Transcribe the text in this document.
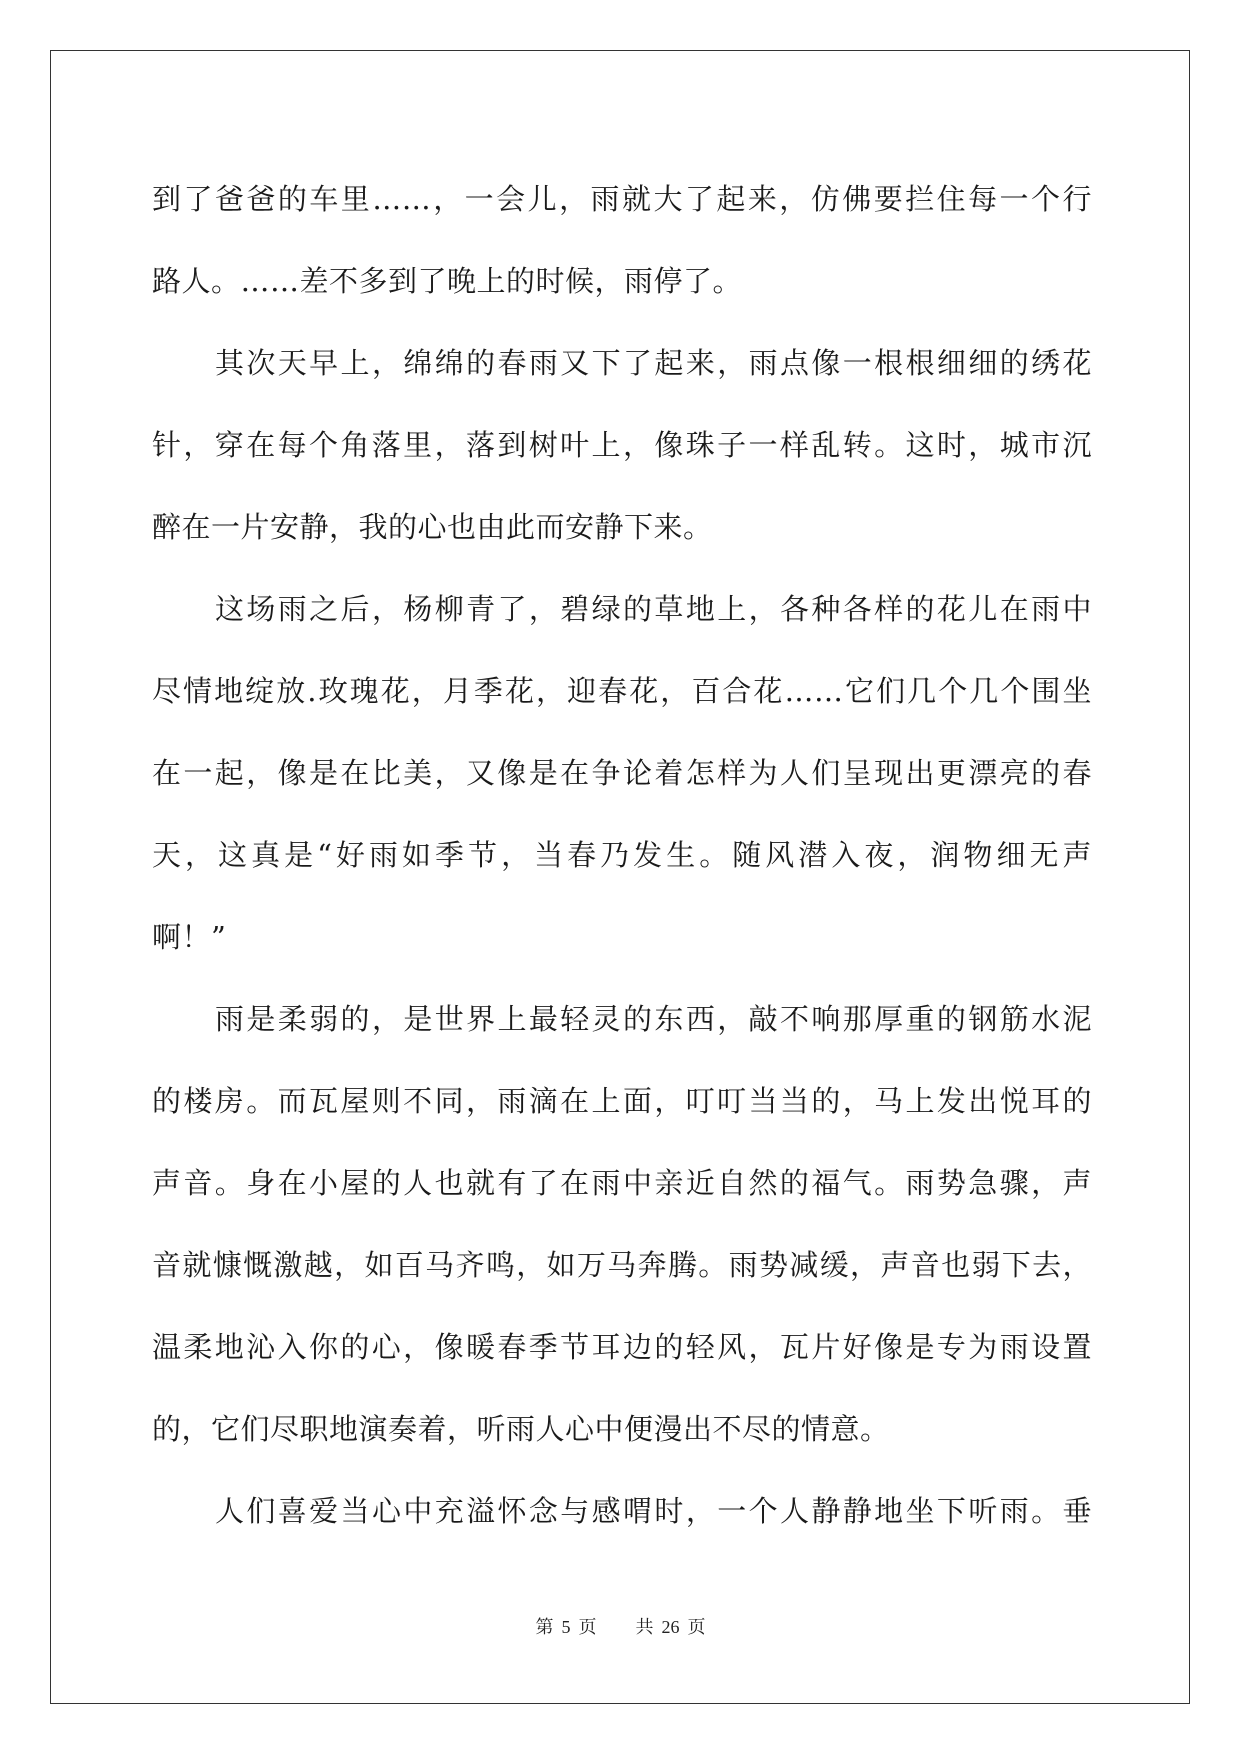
到了爸爸的车里……，一会儿，雨就大了起来，仿佛要拦住每一个行
路人。……差不多到了晚上的时候，雨停了。
其次天早上，绵绵的春雨又下了起来，雨点像一根根细细的绣花
针，穿在每个角落里，落到树叶上，像珠子一样乱转。这时，城市沉
醉在一片安静，我的心也由此而安静下来。
这场雨之后，杨柳青了，碧绿的草地上，各种各样的花儿在雨中
尽情地绽放.玫瑰花，月季花，迎春花，百合花……它们几个几个围坐
在一起，像是在比美，又像是在争论着怎样为人们呈现出更漂亮的春
天，这真是“好雨如季节，当春乃发生。随风潜入夜，润物细无声
啊！”
雨是柔弱的，是世界上最轻灵的东西，敲不响那厚重的钢筋水泥
的楼房。而瓦屋则不同，雨滴在上面，叮叮当当的，马上发出悦耳的
声音。身在小屋的人也就有了在雨中亲近自然的福气。雨势急骤，声
音就慷慨激越，如百马齐鸣，如万马奔腾。雨势减缓，声音也弱下去，
温柔地沁入你的心，像暖春季节耳边的轻风，瓦片好像是专为雨设置
的，它们尽职地演奏着，听雨人心中便漫出不尽的情意。
人们喜爱当心中充溢怀念与感喟时，一个人静静地坐下听雨。垂
第 5 页 共 26 页
